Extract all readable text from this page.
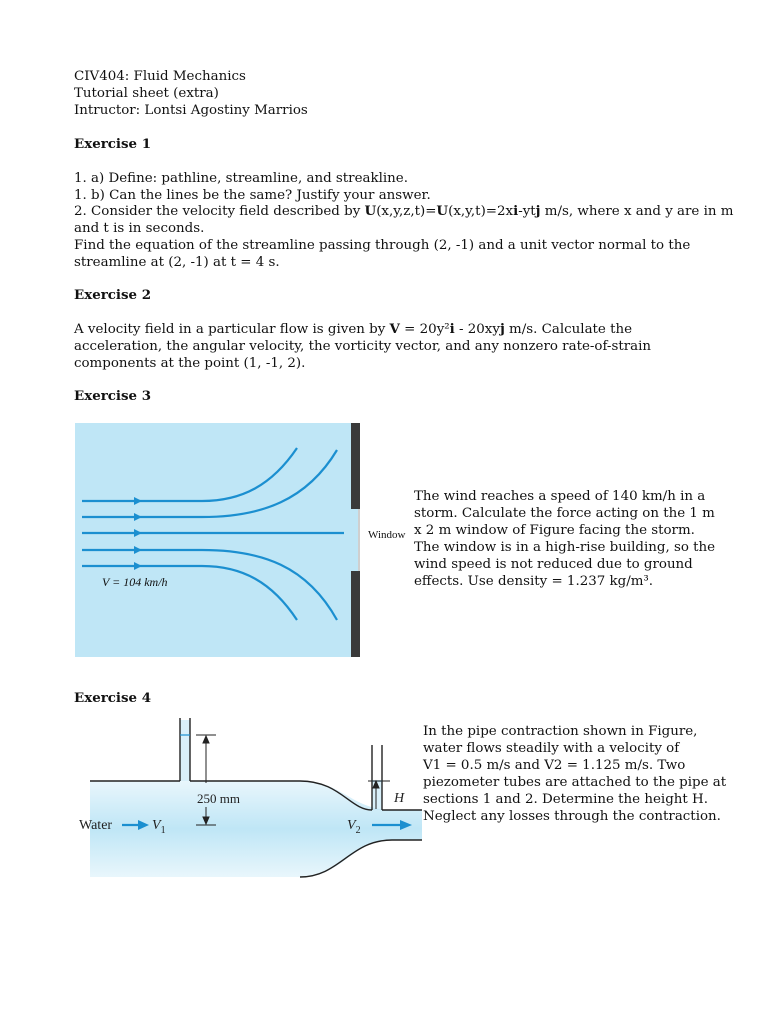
CIV404: Fluid Mechanics
Tutorial sheet (extra)
Intructor: Lontsi Agostiny Marrios
Exercise 1
1. a) Define: pathline, streamline, and streakline.
1. b) Can the lines be the same? Justify your answer.
2. Consider the velocity field described by U(x,y,z,t)=U(x,y,t)=2xi-ytj m/s, where x and y are in m
and t is in seconds.
Find the equation of the streamline passing through (2, -1) and a unit vector normal to the
streamline at (2, -1) at t = 4 s.
Exercise 2
A velocity field in a particular flow is given by V = 20y²i - 20xyj m/s. Calculate the
acceleration, the angular velocity, the vorticity vector, and any nonzero rate-of-strain
components at the point (1, -1, 2).
Exercise 3
V = 104 km/h
Window
The wind reaches a speed of 140 km/h in a
storm. Calculate the force acting on the 1 m
x 2 m window of Figure facing the storm.
The window is in a high-rise building, so the
wind speed is not reduced due to ground
effects. Use density = 1.237 kg/m³.
Exercise 4
250 mm	H
Water	$V_1$	$V_2$
In the pipe contraction shown in Figure,
water flows steadily with a velocity of
V1 = 0.5 m/s and V2 = 1.125 m/s. Two
piezometer tubes are attached to the pipe at
sections 1 and 2. Determine the height H.
Neglect any losses through the contraction.
